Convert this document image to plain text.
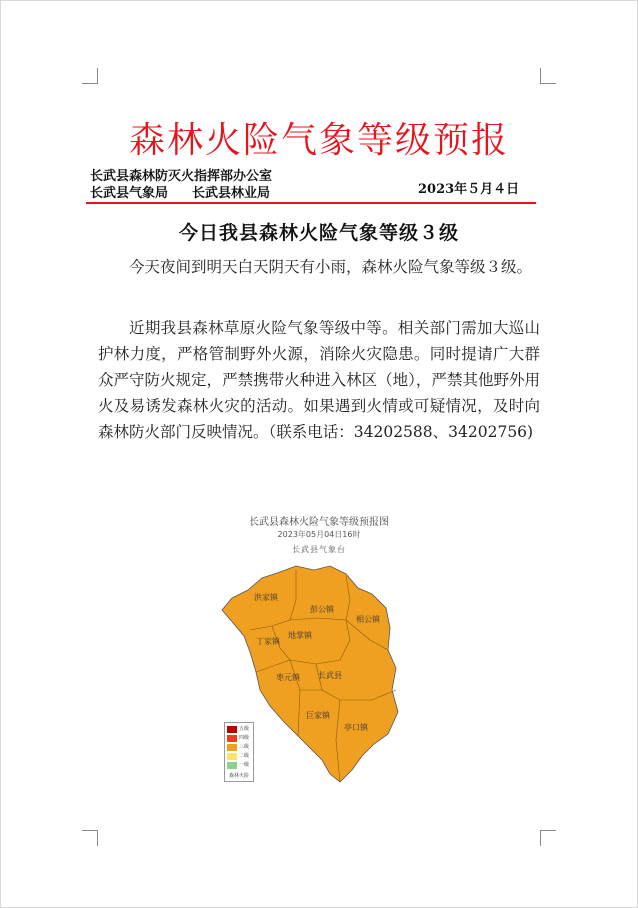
森林火险气象等级预报
长武县森林防灭火指挥部办公室
长武县气象局 长武县林业局	2023年５月４日
今日我县森林火险气象等级３级
今天夜间到明天白天阴天有小雨，森林火险气象等级３级。
近期我县森林草原火险气象等级中等。相关部门需加大巡山护林力度，严格管制野外火源，消除火灾隐患。同时提请广大群众严守防火规定，严禁携带火种进入林区（地），严禁其他野外用火及易诱发森林火灾的活动。如果遇到火情或可疑情况，及时向森林防火部门反映情况。（联系电话：34202588、34202756)
长武县森林火险气象等级预报图
2023年05月04日16时
长武县气象台
洪家镇
彭公镇
相公镇
丁家镇
地掌镇
枣元镇 长武县
巨家镇
亭口镇
五级
四级
三级
二级
一级
森林火险
